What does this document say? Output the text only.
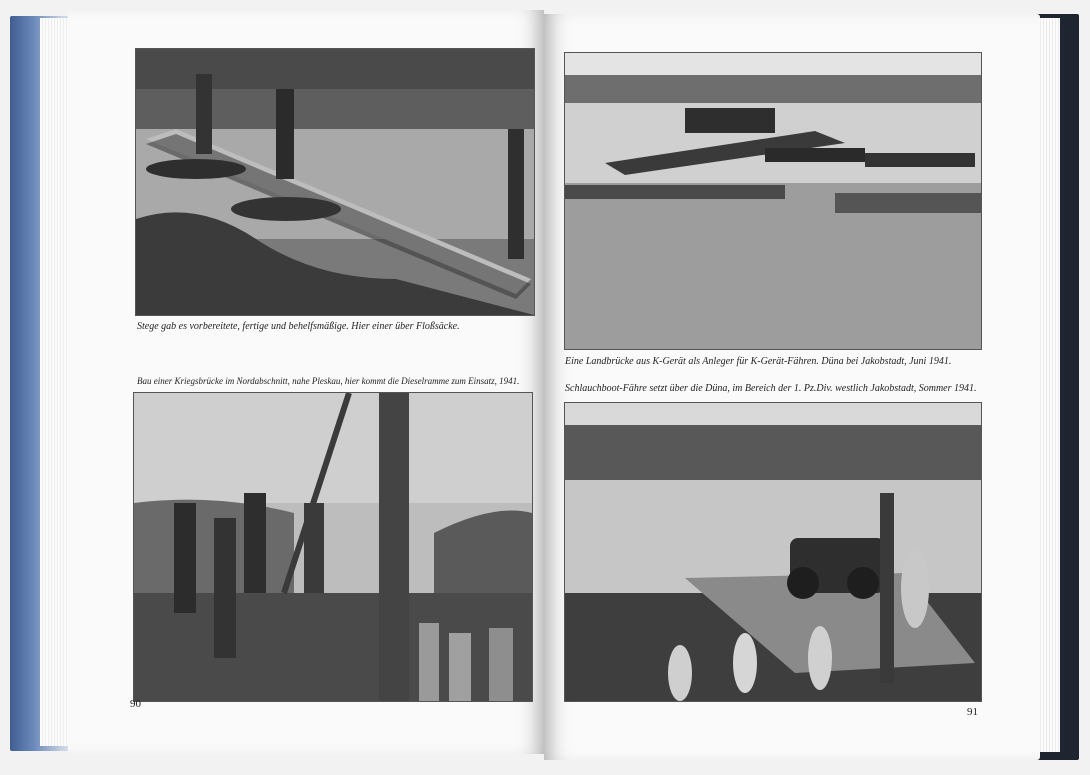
Stege gab es vorbereitete, fertige und behelfsmäßige. Hier einer über Floßsäcke.
Bau einer Kriegsbrücke im Nordabschnitt, nahe Pleskau, hier kommt die Dieselramme zum Einsatz, 1941.
90
Eine Landbrücke aus K-Gerät als Anleger für K-Gerät-Fähren. Düna bei Jakobstadt, Juni 1941.
Schlauchboot-Fähre setzt über die Düna, im Bereich der 1. Pz.Div. westlich Jakobstadt, Sommer 1941.
91
